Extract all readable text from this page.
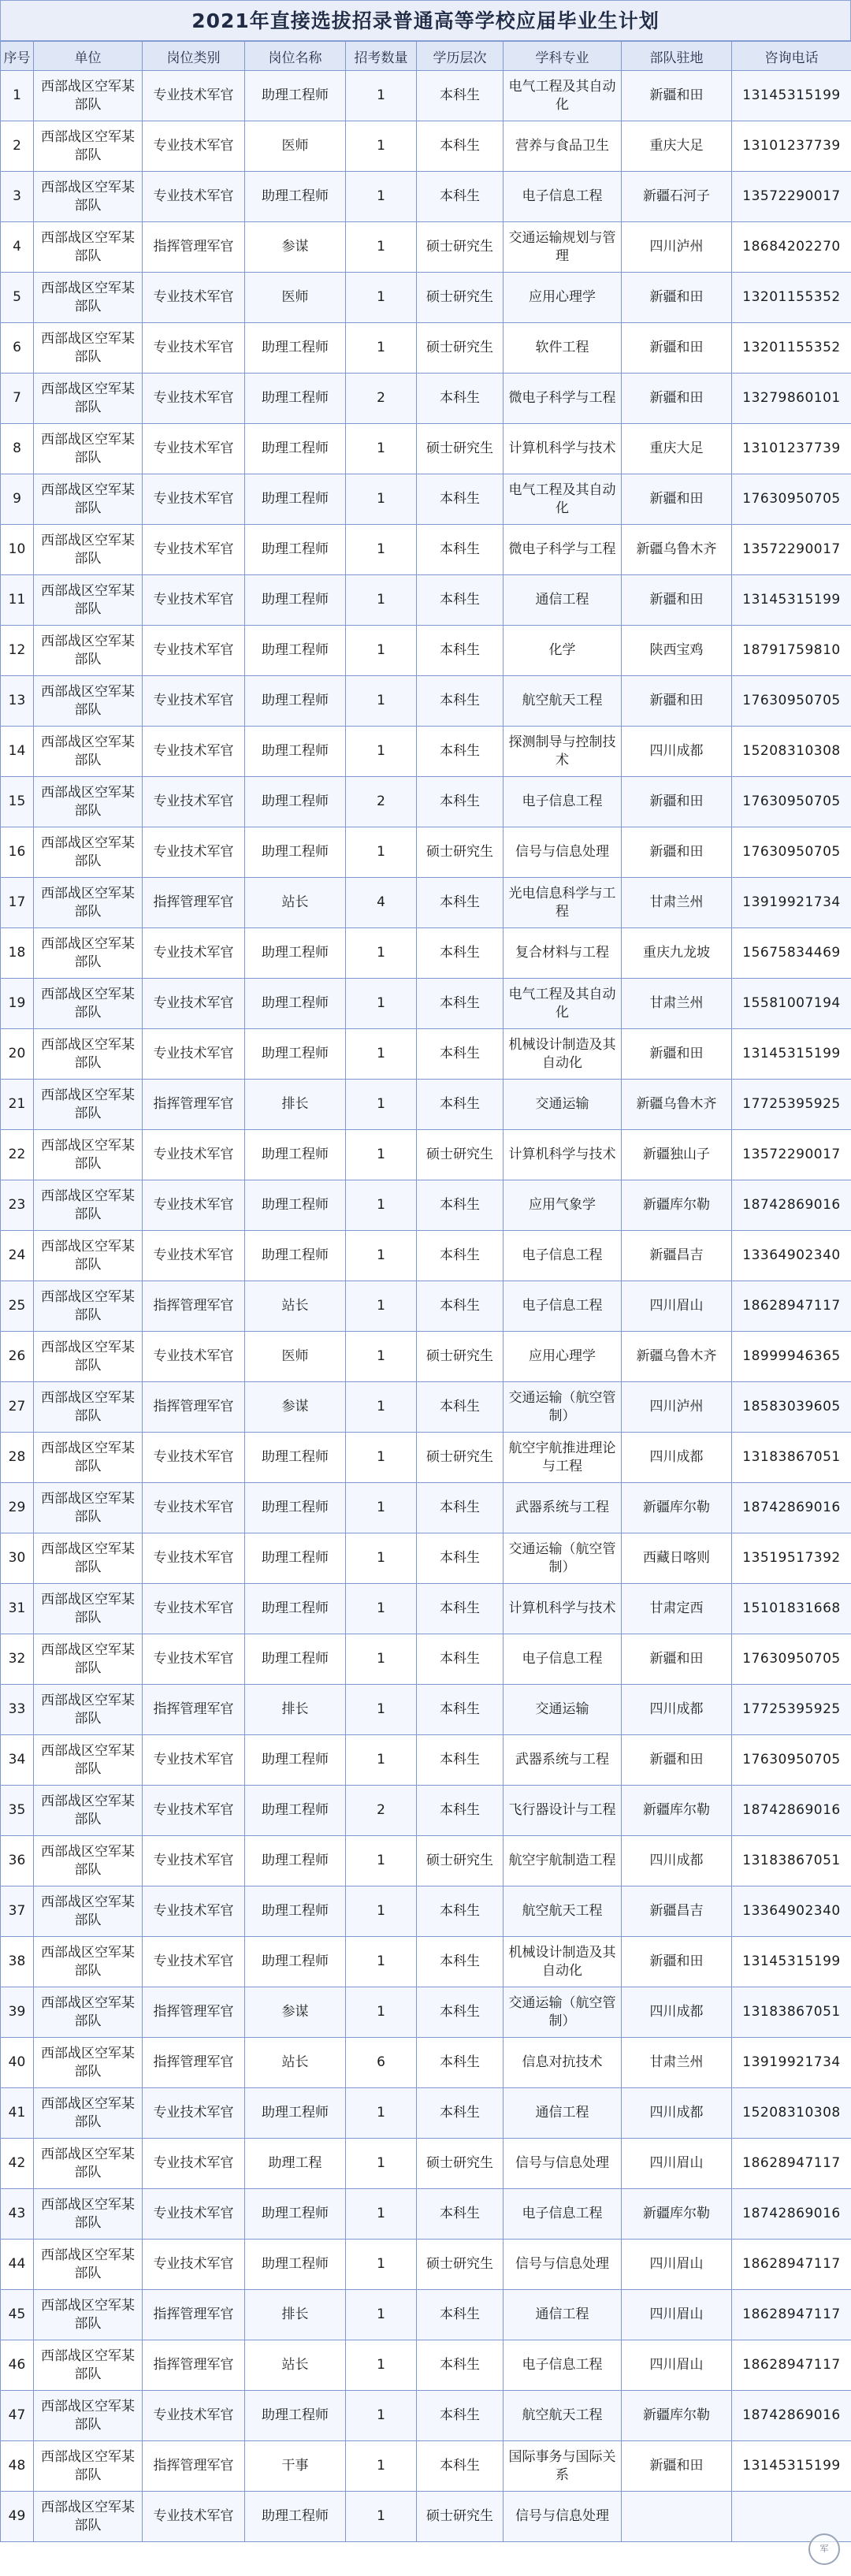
2021年直接选拔招录普通高等学校应届毕业生计划
序号	单位	岗位类别	岗位名称	招考数量	学历层次	学科专业	部队驻地	咨询电话
1	西部战区空军某部队	专业技术军官	助理工程师	1	本科生	电气工程及其自动化	新疆和田	13145315199
2	西部战区空军某部队	专业技术军官	医师	1	本科生	营养与食品卫生	重庆大足	13101237739
3	西部战区空军某部队	专业技术军官	助理工程师	1	本科生	电子信息工程	新疆石河子	13572290017
4	西部战区空军某部队	指挥管理军官	参谋	1	硕士研究生	交通运输规划与管理	四川泸州	18684202270
5	西部战区空军某部队	专业技术军官	医师	1	硕士研究生	应用心理学	新疆和田	13201155352
6	西部战区空军某部队	专业技术军官	助理工程师	1	硕士研究生	软件工程	新疆和田	13201155352
7	西部战区空军某部队	专业技术军官	助理工程师	2	本科生	微电子科学与工程	新疆和田	13279860101
8	西部战区空军某部队	专业技术军官	助理工程师	1	硕士研究生	计算机科学与技术	重庆大足	13101237739
9	西部战区空军某部队	专业技术军官	助理工程师	1	本科生	电气工程及其自动化	新疆和田	17630950705
10	西部战区空军某部队	专业技术军官	助理工程师	1	本科生	微电子科学与工程	新疆乌鲁木齐	13572290017
11	西部战区空军某部队	专业技术军官	助理工程师	1	本科生	通信工程	新疆和田	13145315199
12	西部战区空军某部队	专业技术军官	助理工程师	1	本科生	化学	陕西宝鸡	18791759810
13	西部战区空军某部队	专业技术军官	助理工程师	1	本科生	航空航天工程	新疆和田	17630950705
14	西部战区空军某部队	专业技术军官	助理工程师	1	本科生	探测制导与控制技术	四川成都	15208310308
15	西部战区空军某部队	专业技术军官	助理工程师	2	本科生	电子信息工程	新疆和田	17630950705
16	西部战区空军某部队	专业技术军官	助理工程师	1	硕士研究生	信号与信息处理	新疆和田	17630950705
17	西部战区空军某部队	指挥管理军官	站长	4	本科生	光电信息科学与工程	甘肃兰州	13919921734
18	西部战区空军某部队	专业技术军官	助理工程师	1	本科生	复合材料与工程	重庆九龙坡	15675834469
19	西部战区空军某部队	专业技术军官	助理工程师	1	本科生	电气工程及其自动化	甘肃兰州	15581007194
20	西部战区空军某部队	专业技术军官	助理工程师	1	本科生	机械设计制造及其自动化	新疆和田	13145315199
21	西部战区空军某部队	指挥管理军官	排长	1	本科生	交通运输	新疆乌鲁木齐	17725395925
22	西部战区空军某部队	专业技术军官	助理工程师	1	硕士研究生	计算机科学与技术	新疆独山子	13572290017
23	西部战区空军某部队	专业技术军官	助理工程师	1	本科生	应用气象学	新疆库尔勒	18742869016
24	西部战区空军某部队	专业技术军官	助理工程师	1	本科生	电子信息工程	新疆昌吉	13364902340
25	西部战区空军某部队	指挥管理军官	站长	1	本科生	电子信息工程	四川眉山	18628947117
26	西部战区空军某部队	专业技术军官	医师	1	硕士研究生	应用心理学	新疆乌鲁木齐	18999946365
27	西部战区空军某部队	指挥管理军官	参谋	1	本科生	交通运输（航空管制）	四川泸州	18583039605
28	西部战区空军某部队	专业技术军官	助理工程师	1	硕士研究生	航空宇航推进理论与工程	四川成都	13183867051
29	西部战区空军某部队	专业技术军官	助理工程师	1	本科生	武器系统与工程	新疆库尔勒	18742869016
30	西部战区空军某部队	专业技术军官	助理工程师	1	本科生	交通运输（航空管制）	西藏日喀则	13519517392
31	西部战区空军某部队	专业技术军官	助理工程师	1	本科生	计算机科学与技术	甘肃定西	15101831668
32	西部战区空军某部队	专业技术军官	助理工程师	1	本科生	电子信息工程	新疆和田	17630950705
33	西部战区空军某部队	指挥管理军官	排长	1	本科生	交通运输	四川成都	17725395925
34	西部战区空军某部队	专业技术军官	助理工程师	1	本科生	武器系统与工程	新疆和田	17630950705
35	西部战区空军某部队	专业技术军官	助理工程师	2	本科生	飞行器设计与工程	新疆库尔勒	18742869016
36	西部战区空军某部队	专业技术军官	助理工程师	1	硕士研究生	航空宇航制造工程	四川成都	13183867051
37	西部战区空军某部队	专业技术军官	助理工程师	1	本科生	航空航天工程	新疆昌吉	13364902340
38	西部战区空军某部队	专业技术军官	助理工程师	1	本科生	机械设计制造及其自动化	新疆和田	13145315199
39	西部战区空军某部队	指挥管理军官	参谋	1	本科生	交通运输（航空管制）	四川成都	13183867051
40	西部战区空军某部队	指挥管理军官	站长	6	本科生	信息对抗技术	甘肃兰州	13919921734
41	西部战区空军某部队	专业技术军官	助理工程师	1	本科生	通信工程	四川成都	15208310308
42	西部战区空军某部队	专业技术军官	助理工程	1	硕士研究生	信号与信息处理	四川眉山	18628947117
43	西部战区空军某部队	专业技术军官	助理工程师	1	本科生	电子信息工程	新疆库尔勒	18742869016
44	西部战区空军某部队	专业技术军官	助理工程师	1	硕士研究生	信号与信息处理	四川眉山	18628947117
45	西部战区空军某部队	指挥管理军官	排长	1	本科生	通信工程	四川眉山	18628947117
46	西部战区空军某部队	指挥管理军官	站长	1	本科生	电子信息工程	四川眉山	18628947117
47	西部战区空军某部队	专业技术军官	助理工程师	1	本科生	航空航天工程	新疆库尔勒	18742869016
48	西部战区空军某部队	指挥管理军官	干事	1	本科生	国际事务与国际关系	新疆和田	13145315199
49	西部战区空军某部队	专业技术军官	助理工程师	1	硕士研究生	信号与信息处理		
军
